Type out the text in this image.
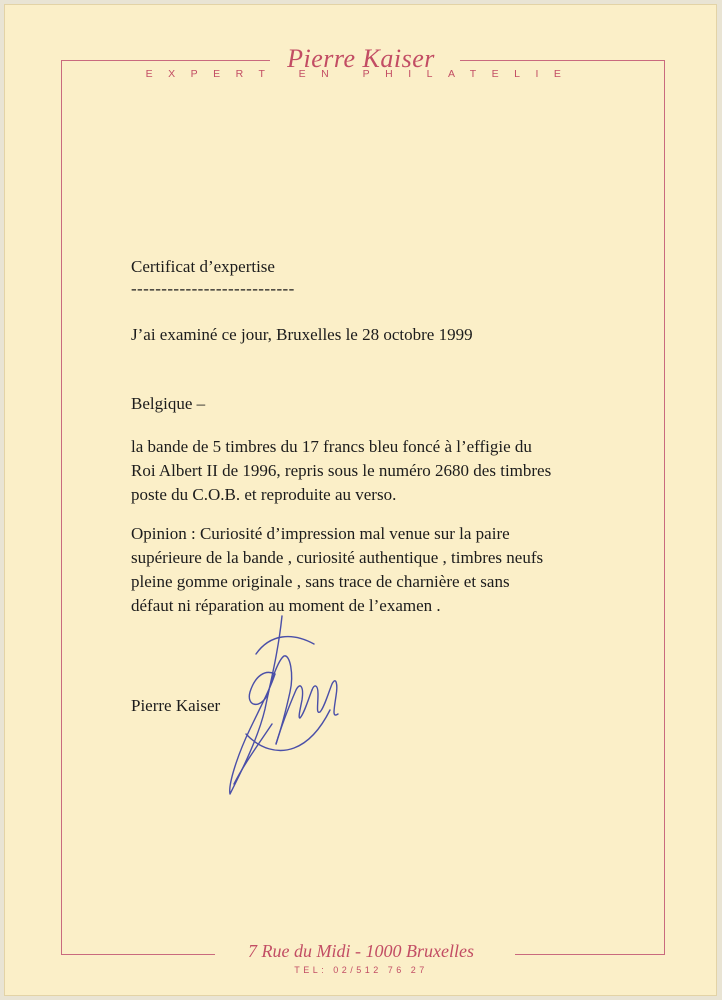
Pierre Kaiser
EXPERT EN PHILATELIE
Certificat d’expertise
---------------------------
J’ai examiné ce jour, Bruxelles le 28 octobre 1999
Belgique –
la bande de 5 timbres du 17 francs bleu foncé à l’effigie du
Roi Albert II de 1996, repris sous le numéro 2680 des timbres
poste du C.O.B. et reproduite au verso.
Opinion : Curiosité d’impression mal venue sur la paire
supérieure de la bande , curiosité authentique , timbres neufs
pleine gomme originale , sans trace de charnière et sans
défaut ni réparation au moment de l’examen .
Pierre Kaiser
7 Rue du Midi - 1000 Bruxelles
TEL: 02/512 76 27
